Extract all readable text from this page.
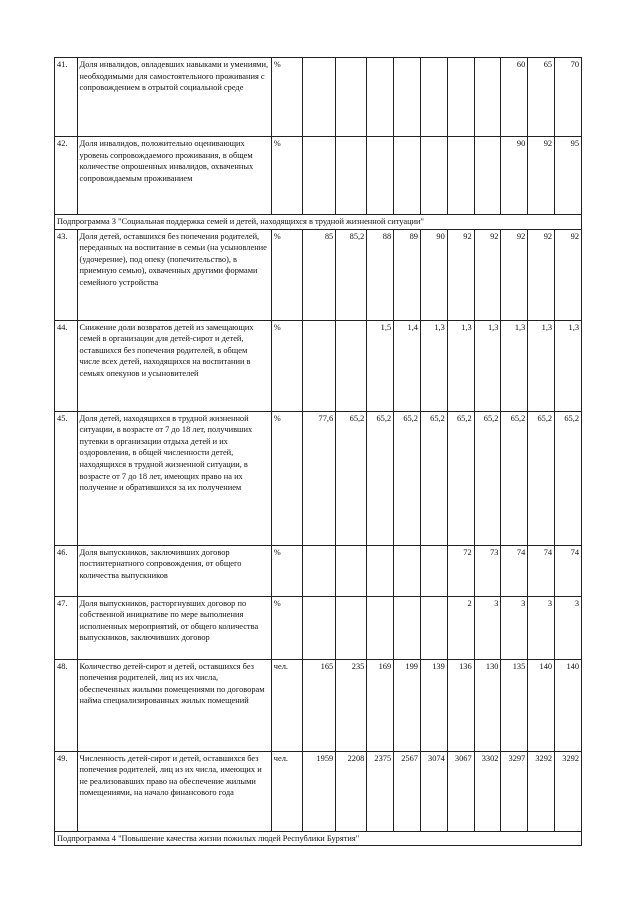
41.	Доля инвалидов, овладевших навыками и умениями, необходимыми для самостоятельного проживания с сопровождением в отрытой социальной среде	%								60	65	70
42.	Доля инвалидов, положительно оценивающих уровень сопровождаемого проживания, в общем количестве опрошенных инвалидов, охваченных сопровождаемым проживанием	%								90	92	95
Подпрограмма 3 "Социальная поддержка семей и детей, находящихся в трудной жизненной ситуации"												
43.	Доля детей, оставшихся без попечения родителей, переданных на воспитание в семьи (на усыновление (удочерение), под опеку (попечительство), в приемную семью), охваченных другими формами семейного устройства	%	85	85,2	88	89	90	92	92	92	92	92
44.	Снижение доли возвратов детей из замещающих семей в организации для детей-сирот и детей, оставшихся без попечения родителей, в общем числе всех детей, находящихся на воспитании в семьях опекунов и усыновителей	%			1,5	1,4	1,3	1,3	1,3	1,3	1,3	1,3
45.	Доля детей, находящихся в трудной жизненной ситуации, в возрасте от 7 до 18 лет, получивших путевки в организации отдыха детей и их оздоровления, в общей численности детей, находящихся в трудной жизненной ситуации, в возрасте от 7 до 18 лет, имеющих право на их получение и обратившихся за их получением	%	77,6	65,2	65,2	65,2	65,2	65,2	65,2	65,2	65,2	65,2
46.	Доля выпускников, заключивших договор постинтернатного сопровождения, от общего количества выпускников	%						72	73	74	74	74
47.	Доля выпускников, расторгнувших договор по собственной инициативе по мере выполнения исполненных мероприятий, от общего количества выпускников, заключивших договор	%						2	3	3	3	3
48.	Количество детей-сирот и детей, оставшихся без попечения родителей, лиц из их числа, обеспеченных жилыми помещениями по договорам найма специализированных жилых помещений	чел.	165	235	169	199	139	136	130	135	140	140
49.	Численность детей-сирот и детей, оставшихся без попечения родителей, лиц из их числа, имеющих и не реализовавших право на обеспечение жилыми помещениями, на начало финансового года	чел.	1959	2208	2375	2567	3074	3067	3302	3297	3292	3292
Подпрограмма 4 "Повышение качества жизни пожилых людей Республики Бурятия"												
